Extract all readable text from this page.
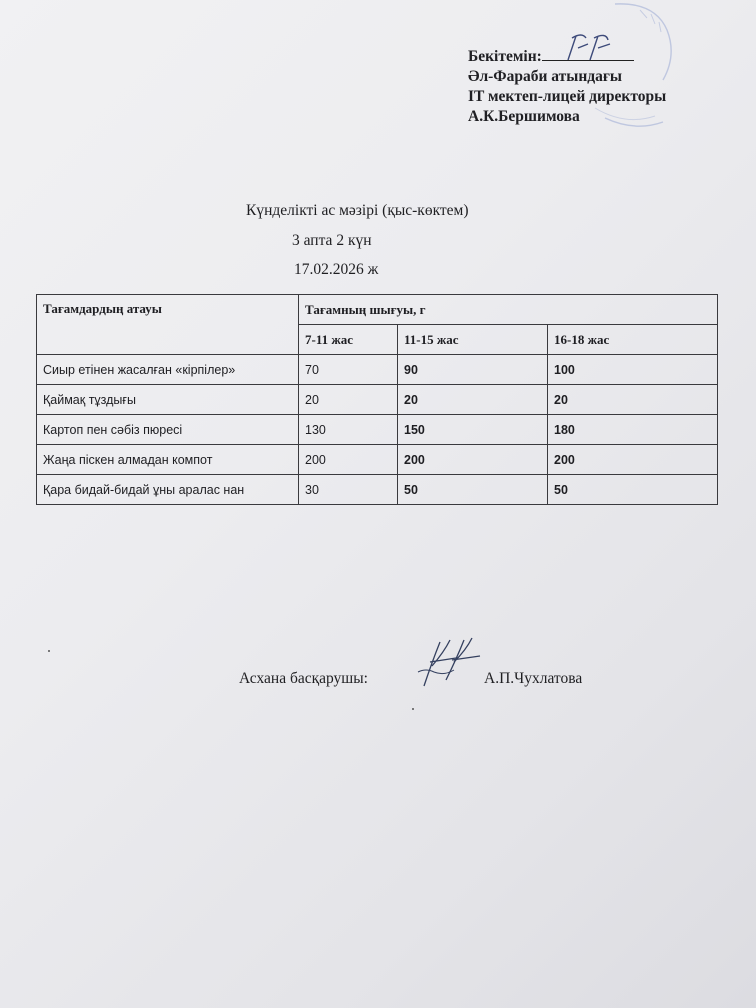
Бекітемін:
Әл-Фараби атындағы
IT мектеп-лицей директоры
А.К.Бершимова
Күнделікті ас мәзірі (қыс-көктем)
3 апта 2 күн
17.02.2026 ж
Тағамдардың атауы	Тағамның шығуы, г		
	7-11 жас	11-15 жас	16-18 жас
Сиыр етінен жасалған «кірпілер»	70	90	100
Қаймақ тұздығы	20	20	20
Картоп пен сәбіз пюресі	130	150	180
Жаңа піскен алмадан компот	200	200	200
Қара бидай-бидай ұны аралас нан	30	50	50
Асхана басқарушы:	А.П.Чухлатова
